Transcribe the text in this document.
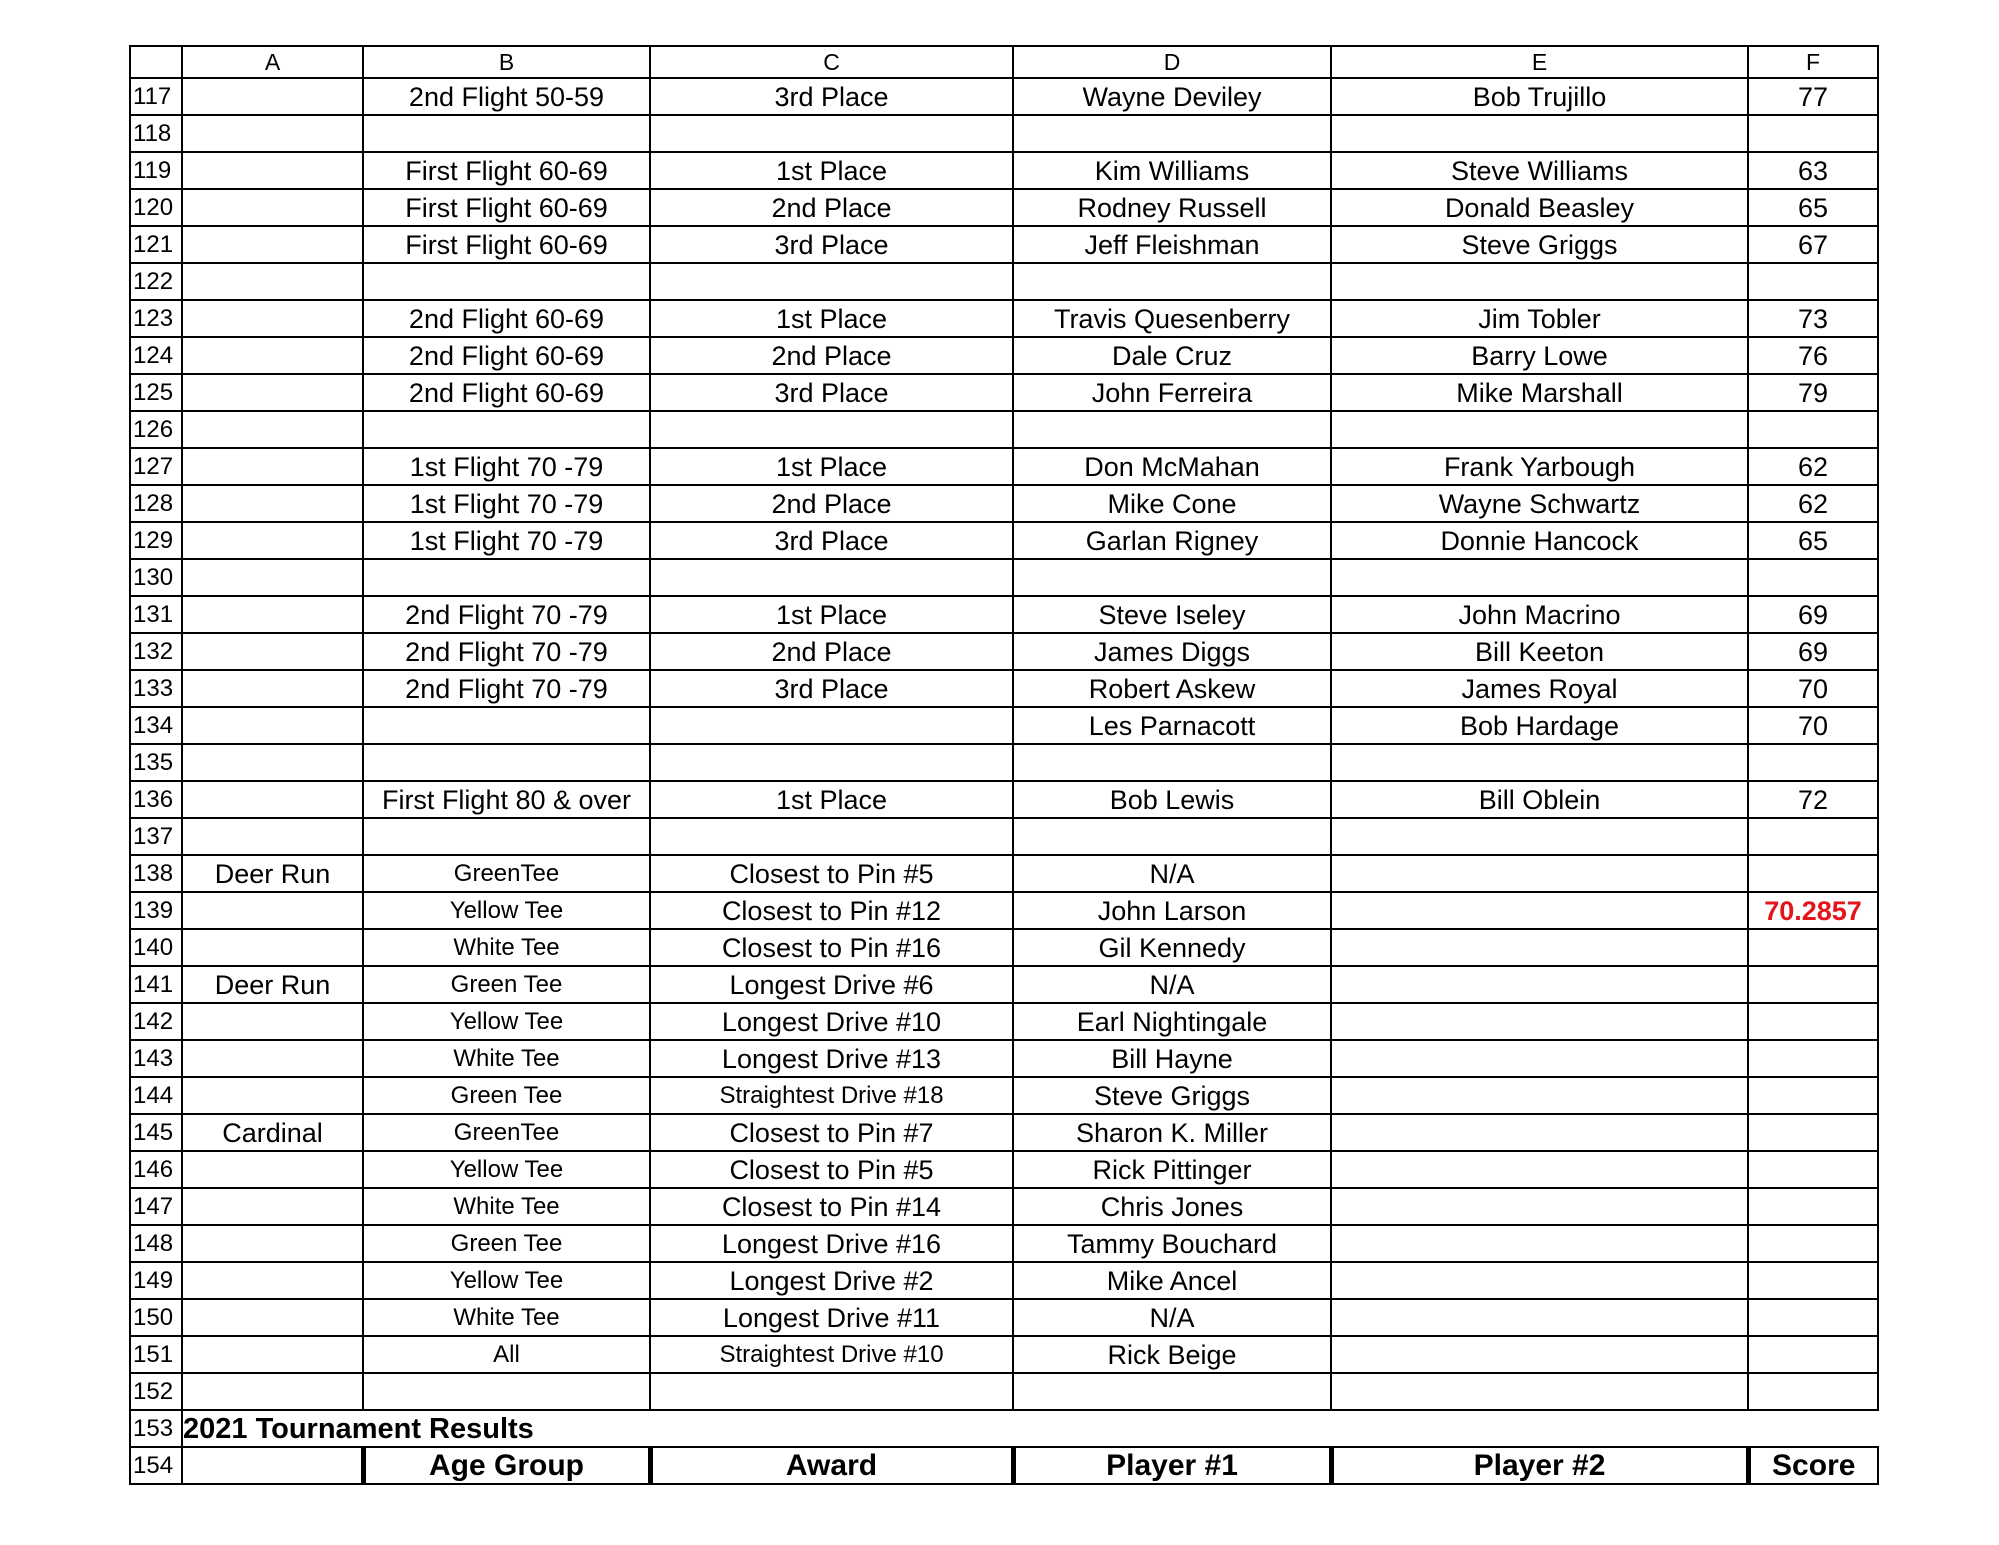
	A	B	C	D	E	F
117		2nd Flight 50-59	3rd Place	Wayne Deviley	Bob Trujillo	77
118						
119		First Flight 60-69	1st Place	Kim Williams	Steve Williams	63
120		First Flight 60-69	2nd Place	Rodney Russell	Donald Beasley	65
121		First Flight 60-69	3rd Place	Jeff Fleishman	Steve Griggs	67
122						
123		2nd Flight 60-69	1st Place	Travis Quesenberry	Jim Tobler	73
124		2nd Flight 60-69	2nd Place	Dale Cruz	Barry Lowe	76
125		2nd Flight 60-69	3rd Place	John Ferreira	Mike Marshall	79
126						
127		1st Flight 70 -79	1st Place	Don McMahan	Frank Yarbough	62
128		1st Flight 70 -79	2nd Place	Mike Cone	Wayne Schwartz	62
129		1st Flight 70 -79	3rd Place	Garlan Rigney	Donnie Hancock	65
130						
131		2nd Flight 70 -79	1st Place	Steve Iseley	John Macrino	69
132		2nd Flight 70 -79	2nd Place	James Diggs	Bill Keeton	69
133		2nd Flight 70 -79	3rd Place	Robert Askew	James Royal	70
134				Les Parnacott	Bob Hardage	70
135						
136		First Flight 80 & over	1st Place	Bob Lewis	Bill Oblein	72
137						
138	Deer Run	GreenTee	Closest to Pin #5	N/A		
139		Yellow Tee	Closest to Pin #12	John Larson		70.2857
140		White Tee	Closest to Pin #16	Gil Kennedy		
141	Deer Run	Green Tee	Longest Drive #6	N/A		
142		Yellow Tee	Longest Drive #10	Earl Nightingale		
143		White Tee	Longest Drive #13	Bill Hayne		
144		Green Tee	Straightest Drive #18	Steve Griggs		
145	Cardinal	GreenTee	Closest to Pin #7	Sharon K. Miller		
146		Yellow Tee	Closest to Pin #5	Rick Pittinger		
147		White Tee	Closest to Pin #14	Chris Jones		
148		Green Tee	Longest Drive #16	Tammy Bouchard		
149		Yellow Tee	Longest Drive #2	Mike Ancel		
150		White Tee	Longest Drive #11	N/A		
151		All	Straightest Drive #10	Rick Beige		
152						
153	2021 Tournament Results					
154		Age Group	Award	Player #1	Player #2	Score
